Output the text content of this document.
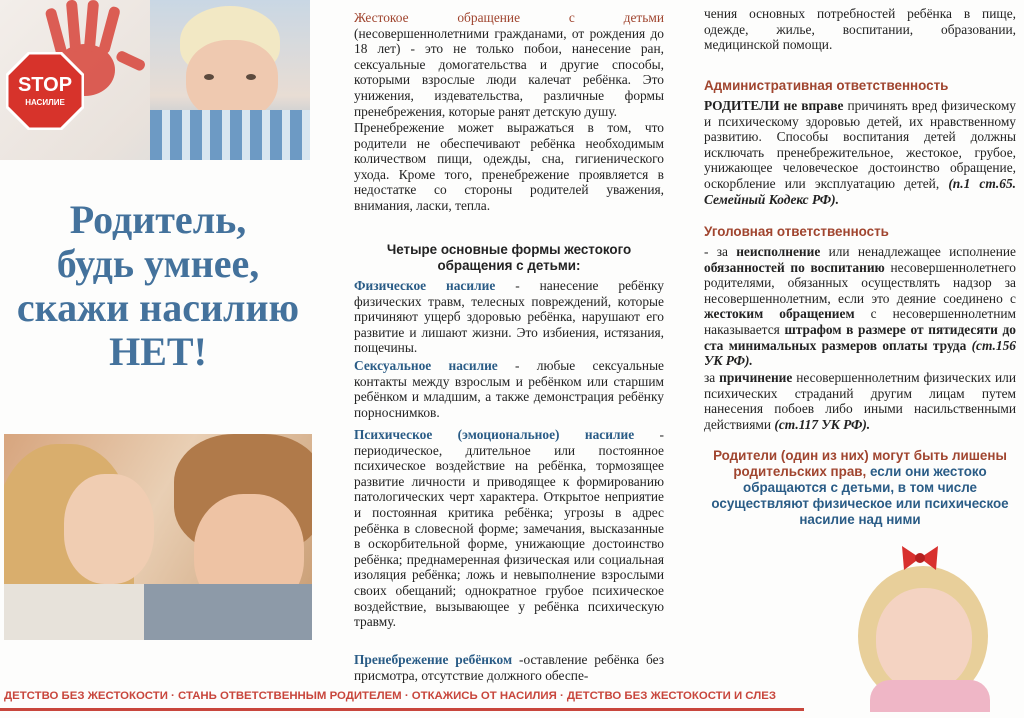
STOP
НАСИЛИЕ
Родитель,
будь умнее,
скажи насилию
НЕТ!

Жестокое обращение с детьми (несовершеннолетними гражданами, от рождения до 18 лет) - это не только побои, нанесение ран, сексуальные домогательства и другие способы, которыми взрослые люди калечат ребёнка. Это унижения, издевательства, различные формы пренебрежения, которые ранят детскую душу.

Пренебрежение может выражаться в том, что родители не обеспечивают ребёнка необходимым количеством пищи, одежды, сна, гигиенического ухода. Кроме того, пренебрежение проявляется в недостатке со стороны родителей уважения, внимания, ласки, тепла.

Четыре основные формы жестокого обращения с детьми:

Физическое насилие - нанесение ребёнку физических травм, телесных повреждений, которые причиняют ущерб здоровью ребёнка, нарушают его развитие и лишают жизни. Это избиения, истязания, пощечины.

Сексуальное насилие - любые сексуальные контакты между взрослым и ребёнком или старшим ребёнком и младшим, а также демонстрация ребёнку порноснимков.

Психическое (эмоциональное) насилие - периодическое, длительное или постоянное психическое воздействие на ребёнка, тормозящее развитие личности и приводящее к формированию патологических черт характера. Открытое неприятие и постоянная критика ребёнка; угрозы в адрес ребёнка в словесной форме; замечания, высказанные в оскорбительной форме, унижающие достоинство ребёнка; преднамеренная физическая или социальная изоляция ребёнка; ложь и невыполнение взрослыми своих обещаний; однократное грубое психическое воздействие, вызывающее у ребёнка психическую травму.

Пренебрежение ребёнком -оставление ребёнка без присмотра, отсутствие должного обеспе-

чения основных потребностей ребёнка в пище, одежде, жилье, воспитании, образовании, медицинской помощи.

Административная ответственность

РОДИТЕЛИ не вправе причинять вред физическому и психическому здоровью детей, их нравственному развитию. Способы воспитания детей должны исключать пренебрежительное, жестокое, грубое, унижающее человеческое достоинство обращение, оскорбление или эксплуатацию детей, (п.1 ст.65. Семейный Кодекс РФ).

Уголовная ответственность

- за неисполнение или ненадлежащее исполнение обязанностей по воспитанию несовершеннолетнего родителями, обязанных осуществлять надзор за несовершеннолетним, если это деяние соединено с жестоким обращением с несовершеннолетним наказывается штрафом в размере от пятидесяти до ста минимальных размеров оплаты труда (ст.156 УК РФ).

за причинение несовершеннолетним физических или психических страданий другим лицам путем нанесения побоев либо иными насильственными действиями (ст.117 УК РФ).

Родители (один из них) могут быть лишены родительских прав, если они жестоко обращаются с детьми, в том числе осуществляют физическое или психическое насилие над ними

ДЕТСТВО БЕЗ ЖЕСТОКОСТИ · СТАНЬ ОТВЕТСТВЕННЫМ РОДИТЕЛЕМ · ОТКАЖИСЬ ОТ НАСИЛИЯ · ДЕТСТВО БЕЗ ЖЕСТОКОСТИ И СЛЕЗ
